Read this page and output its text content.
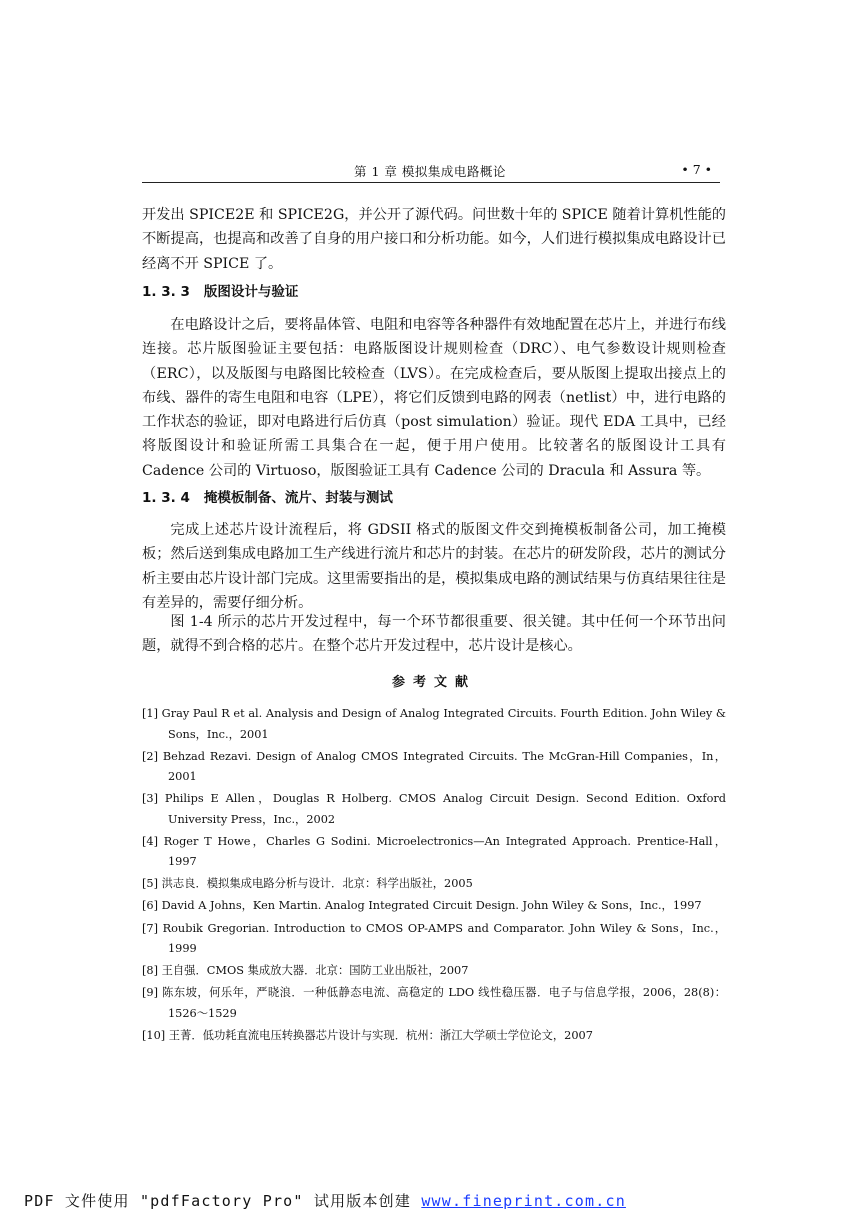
第 1 章 模拟集成电路概论	• 7 •
开发出 SPICE2E 和 SPICE2G，并公开了源代码。问世数十年的 SPICE 随着计算机性能的不断提高，也提高和改善了自身的用户接口和分析功能。如今，人们进行模拟集成电路设计已经离不开 SPICE 了。
1. 3. 3 版图设计与验证
在电路设计之后，要将晶体管、电阻和电容等各种器件有效地配置在芯片上，并进行布线连接。芯片版图验证主要包括：电路版图设计规则检查（DRC）、电气参数设计规则检查（ERC），以及版图与电路图比较检查（LVS）。在完成检查后，要从版图上提取出接点上的布线、器件的寄生电阻和电容（LPE），将它们反馈到电路的网表（netlist）中，进行电路的工作状态的验证，即对电路进行后仿真（post simulation）验证。现代 EDA 工具中，已经将版图设计和验证所需工具集合在一起，便于用户使用。比较著名的版图设计工具有 Cadence 公司的 Virtuoso，版图验证工具有 Cadence 公司的 Dracula 和 Assura 等。
1. 3. 4 掩模板制备、流片、封装与测试
完成上述芯片设计流程后，将 GDSII 格式的版图文件交到掩模板制备公司，加工掩模板；然后送到集成电路加工生产线进行流片和芯片的封装。在芯片的研发阶段，芯片的测试分析主要由芯片设计部门完成。这里需要指出的是，模拟集成电路的测试结果与仿真结果往往是有差异的，需要仔细分析。
图 1-4 所示的芯片开发过程中，每一个环节都很重要、很关键。其中任何一个环节出问题，就得不到合格的芯片。在整个芯片开发过程中，芯片设计是核心。
参考文献
[1] Gray Paul R et al. Analysis and Design of Analog Integrated Circuits. Fourth Edition. John Wiley & Sons，Inc.，2001
[2] Behzad Rezavi. Design of Analog CMOS Integrated Circuits. The McGran-Hill Companies，In，2001
[3] Philips E Allen，Douglas R Holberg. CMOS Analog Circuit Design. Second Edition. Oxford University Press，Inc.，2002
[4] Roger T Howe，Charles G Sodini. Microelectronics—An Integrated Approach. Prentice-Hall，1997
[5] 洪志良．模拟集成电路分析与设计．北京：科学出版社，2005
[6] David A Johns，Ken Martin. Analog Integrated Circuit Design. John Wiley & Sons，Inc.，1997
[7] Roubik Gregorian. Introduction to CMOS OP-AMPS and Comparator. John Wiley & Sons，Inc.，1999
[8] 王自强．CMOS 集成放大器．北京：国防工业出版社，2007
[9] 陈东坡，何乐年，严晓浪．一种低静态电流、高稳定的 LDO 线性稳压器．电子与信息学报，2006，28(8)：1526～1529
[10] 王菁．低功耗直流电压转换器芯片设计与实现．杭州：浙江大学硕士学位论文，2007
PDF 文件使用 "pdfFactory Pro" 试用版本创建 www.fineprint.com.cn
